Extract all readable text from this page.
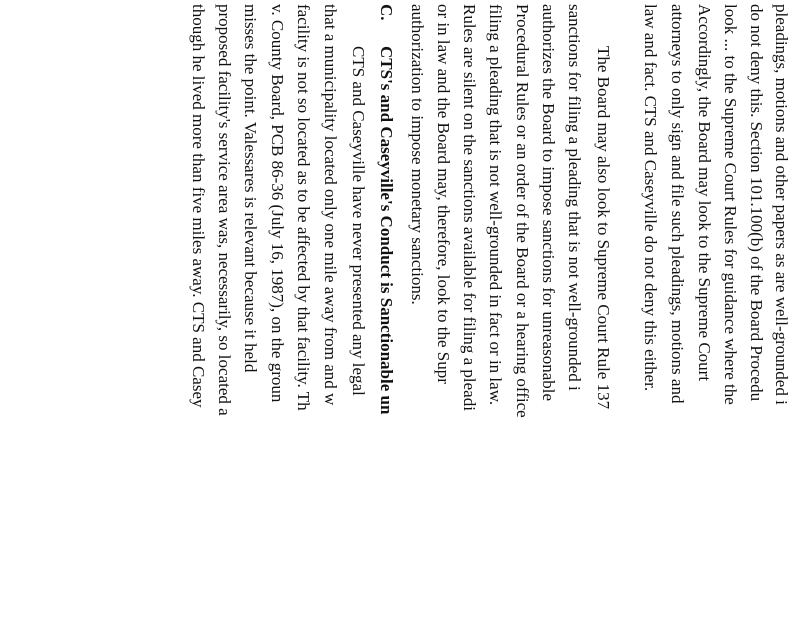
pleadings, motions and other papers as are well-grounded i
do not deny this. Section 101.100(b) of the Board Procedu
look ... to the Supreme Court Rules for guidance where the
Accordingly, the Board may look to the Supreme Court
attorneys to only sign and file such pleadings, motions and
law and fact. CTS and Caseyville do not deny this either.
The Board may also look to Supreme Court Rule 137
sanctions for filing a pleading that is not well-grounded i
authorizes the Board to impose sanctions for unreasonable
Procedural Rules or an order of the Board or a hearing office
filing a pleading that is not well-grounded in fact or in law.
Rules are silent on the sanctions available for filing a pleadi
or in law and the Board may, therefore, look to the Supr
authorization to impose monetary sanctions.
C.
CTS's and Caseyville's Conduct is Sanctionable un
CTS and Caseyville have never presented any legal
that a municipality located only one mile away from and w
facility is not so located as to be affected by that facility. Th
v. County Board, PCB 86-36 (July 16, 1987), on the groun
misses the point. Valessares is relevant because it held
proposed facility's service area was, necessarily, so located a
though he lived more than five miles away. CTS and Casey
